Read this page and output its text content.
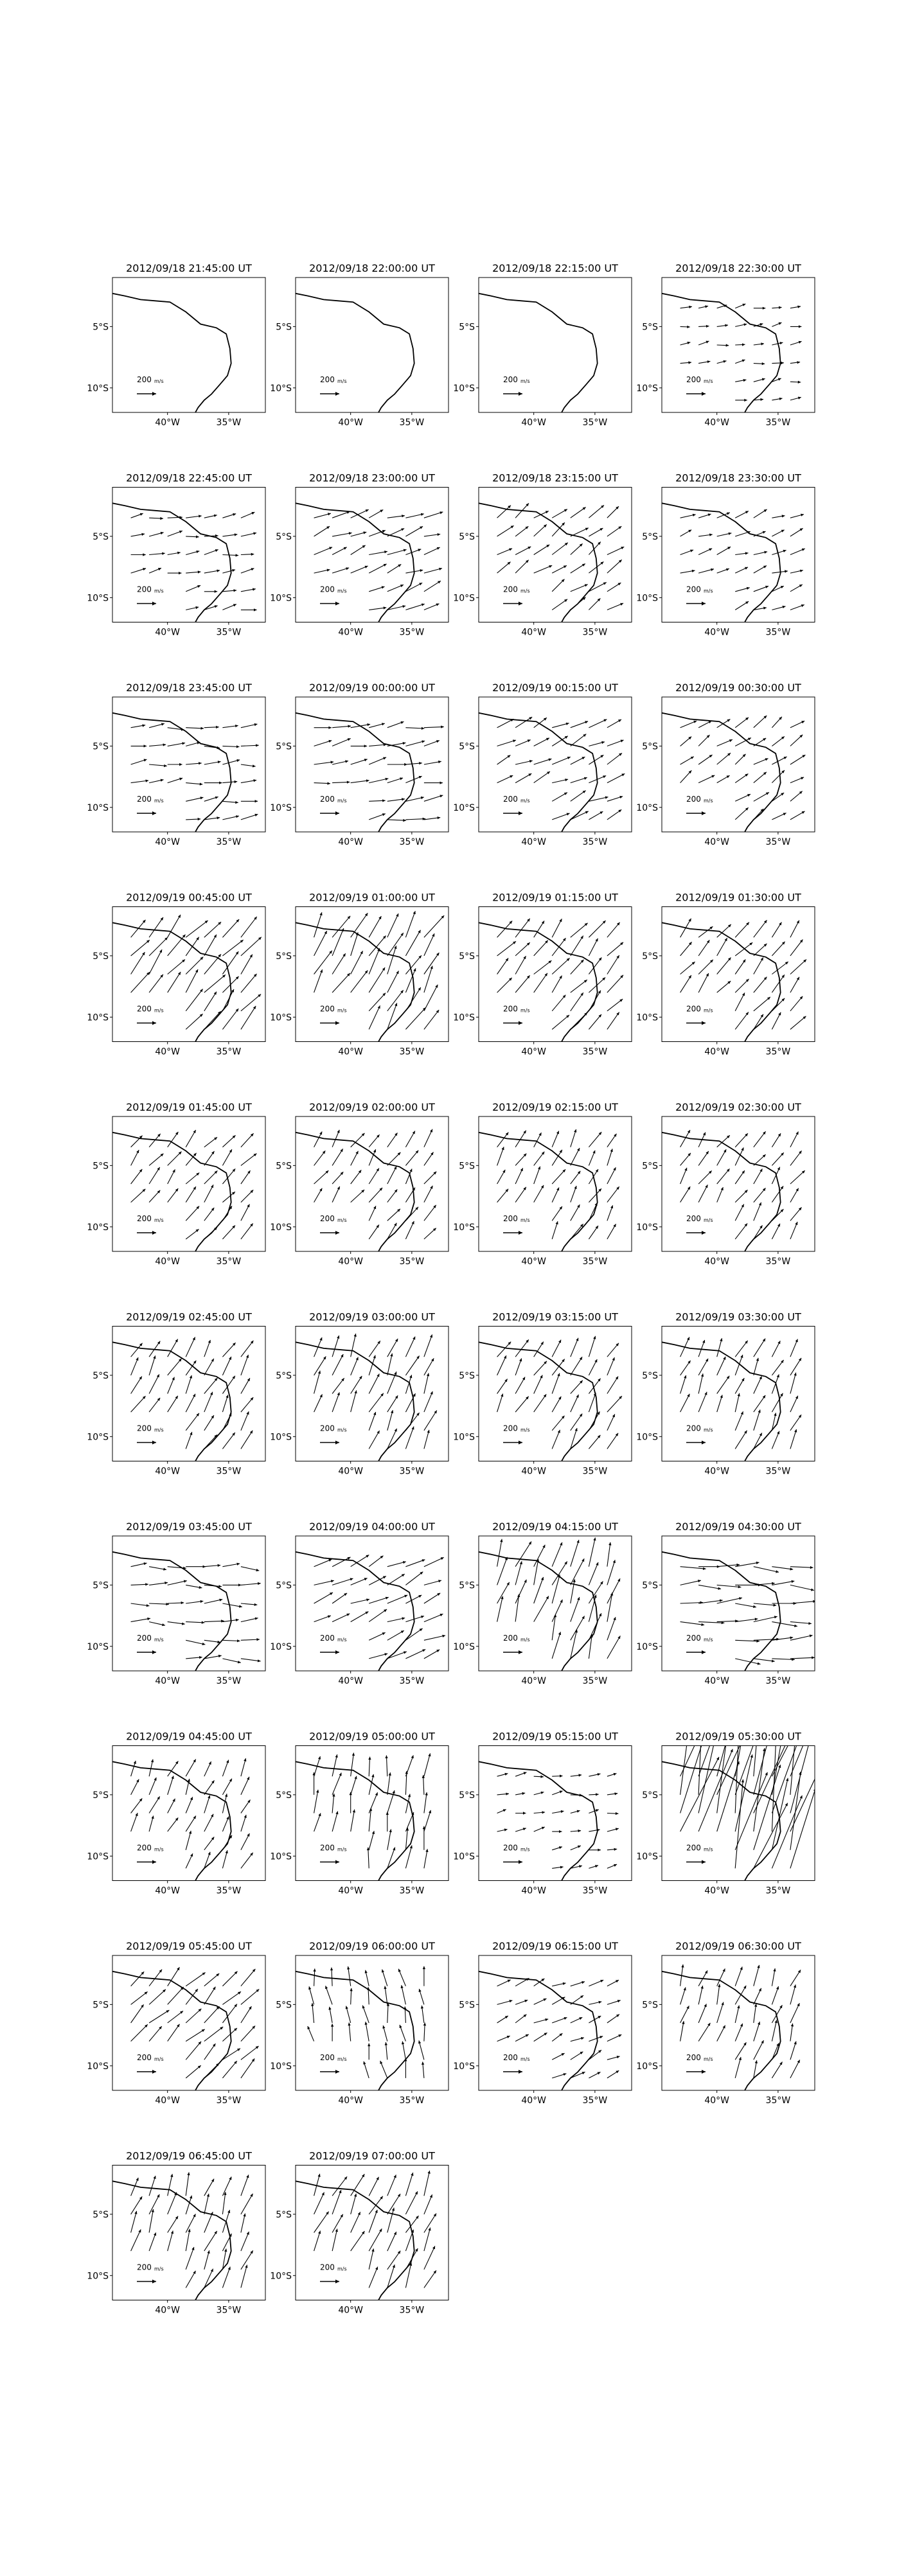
2012/09/18 21:45:00 UT
5°S
10°S
40°W	35°W
200 m/s
2012/09/18 22:00:00 UT
5°S
10°S
40°W	35°W
200 m/s
2012/09/18 22:15:00 UT
5°S
10°S
40°W	35°W
200 m/s
2012/09/18 22:30:00 UT
5°S
10°S
40°W	35°W
200 m/s
2012/09/18 22:45:00 UT
5°S
10°S
40°W	35°W
200 m/s
2012/09/18 23:00:00 UT
5°S
10°S
40°W	35°W
200 m/s
2012/09/18 23:15:00 UT
5°S
10°S
40°W	35°W
200 m/s
2012/09/18 23:30:00 UT
5°S
10°S
40°W	35°W
200 m/s
2012/09/18 23:45:00 UT
5°S
10°S
40°W	35°W
200 m/s
2012/09/19 00:00:00 UT
5°S
10°S
40°W	35°W
200 m/s
2012/09/19 00:15:00 UT
5°S
10°S
40°W	35°W
200 m/s
2012/09/19 00:30:00 UT
5°S
10°S
40°W	35°W
200 m/s
2012/09/19 00:45:00 UT
5°S
10°S
40°W	35°W
200 m/s
2012/09/19 01:00:00 UT
5°S
10°S
40°W	35°W
200 m/s
2012/09/19 01:15:00 UT
5°S
10°S
40°W	35°W
200 m/s
2012/09/19 01:30:00 UT
5°S
10°S
40°W	35°W
200 m/s
2012/09/19 01:45:00 UT
5°S
10°S
40°W	35°W
200 m/s
2012/09/19 02:00:00 UT
5°S
10°S
40°W	35°W
200 m/s
2012/09/19 02:15:00 UT
5°S
10°S
40°W	35°W
200 m/s
2012/09/19 02:30:00 UT
5°S
10°S
40°W	35°W
200 m/s
2012/09/19 02:45:00 UT
5°S
10°S
40°W	35°W
200 m/s
2012/09/19 03:00:00 UT
5°S
10°S
40°W	35°W
200 m/s
2012/09/19 03:15:00 UT
5°S
10°S
40°W	35°W
200 m/s
2012/09/19 03:30:00 UT
5°S
10°S
40°W	35°W
200 m/s
2012/09/19 03:45:00 UT
5°S
10°S
40°W	35°W
200 m/s
2012/09/19 04:00:00 UT
5°S
10°S
40°W	35°W
200 m/s
2012/09/19 04:15:00 UT
5°S
10°S
40°W	35°W
200 m/s
2012/09/19 04:30:00 UT
5°S
10°S
40°W	35°W
200 m/s
2012/09/19 04:45:00 UT
5°S
10°S
40°W	35°W
200 m/s
2012/09/19 05:00:00 UT
5°S
10°S
40°W	35°W
200 m/s
2012/09/19 05:15:00 UT
5°S
10°S
40°W	35°W
200 m/s
2012/09/19 05:30:00 UT
5°S
10°S
40°W	35°W
200 m/s
2012/09/19 05:45:00 UT
5°S
10°S
40°W	35°W
200 m/s
2012/09/19 06:00:00 UT
5°S
10°S
40°W	35°W
200 m/s
2012/09/19 06:15:00 UT
5°S
10°S
40°W	35°W
200 m/s
2012/09/19 06:30:00 UT
5°S
10°S
40°W	35°W
200 m/s
2012/09/19 06:45:00 UT
5°S
10°S
40°W	35°W
200 m/s
2012/09/19 07:00:00 UT
5°S
10°S
40°W	35°W
200 m/s
